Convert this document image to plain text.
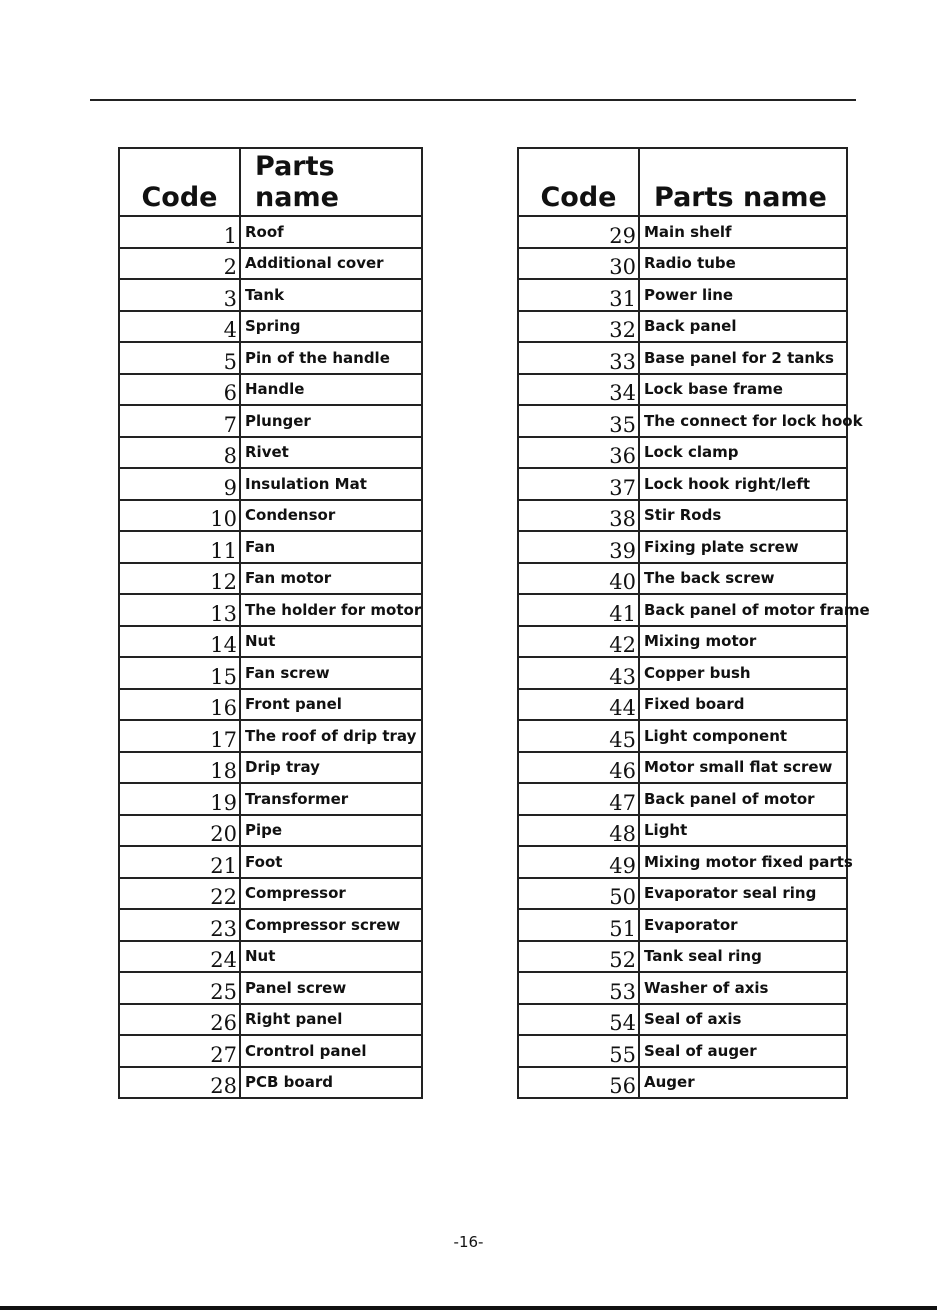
Code	Parts name
1	Roof
2	Additional cover
3	Tank
4	Spring
5	Pin of the handle
6	Handle
7	Plunger
8	Rivet
9	Insulation Mat
10	Condensor
11	Fan
12	Fan motor
13	The holder for motor
14	Nut
15	Fan screw
16	Front panel
17	The roof of drip tray
18	Drip tray
19	Transformer
20	Pipe
21	Foot
22	Compressor
23	Compressor screw
24	Nut
25	Panel screw
26	Right panel
27	Crontrol panel
28	PCB board
Code	Parts name
29	Main shelf
30	Radio tube
31	Power line
32	Back panel
33	Base panel for 2 tanks
34	Lock base frame
35	The connect for lock hook
36	Lock clamp
37	Lock hook right/left
38	Stir Rods
39	Fixing plate screw
40	The back screw
41	Back panel of motor frame
42	Mixing motor
43	Copper bush
44	Fixed board
45	Light component
46	Motor small flat screw
47	Back panel of motor
48	Light
49	Mixing motor fixed parts
50	Evaporator seal ring
51	Evaporator
52	Tank seal ring
53	Washer of axis
54	Seal of axis
55	Seal of auger
56	Auger
-16-
